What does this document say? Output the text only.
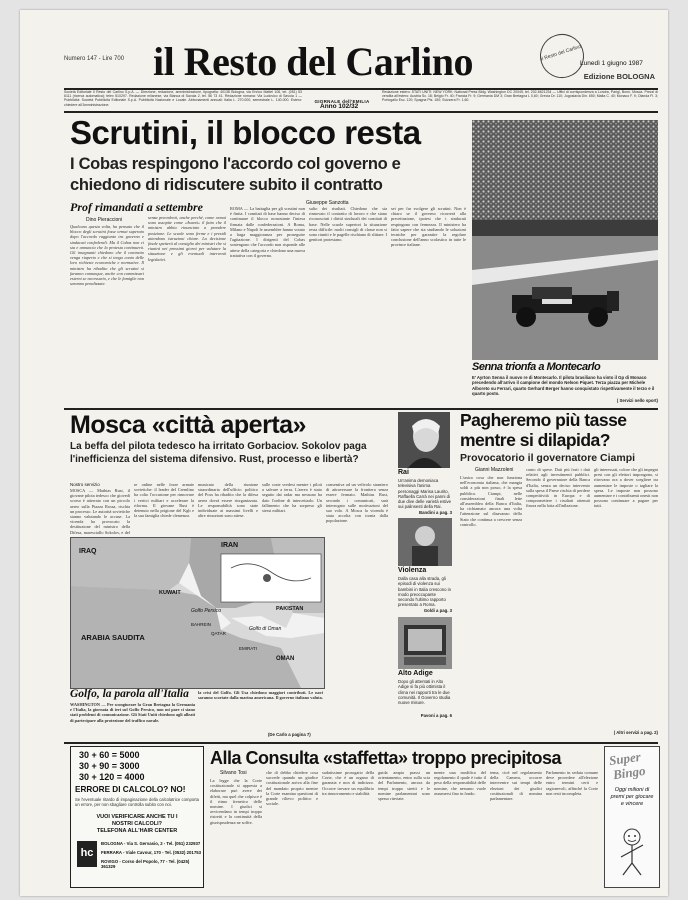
Numero 147 - Lire 700 il Resto del Carlino	il Resto del Carlino
Lunedì 1 giugno 1987
Edizione BOLOGNA
Società Editoriale Il Resto del Carlino S.p.A. — Direzione, redazione, amministrazione, tipografia: 40138 Bologna, via Enrico Mattei 106, tel. (051) 53 6111 (ricerca automatica); telex 510297. Redazione milanese, via Bianca di Savoia 2, tel. 56 73 41. Redazione romana: Via Ludovico di Savoia 1 — Pubblicità: Società Pubblicità Editoriale S.p.A. Pubblicità Nazionale e Locale. Abbonamenti annuali: Italia L. 270.000, semestrale L. 140.000. Estero: chiedere all'Amministrazione.
GIORNALE dell'EMILIA
Anno 102/32
Redazione estero: STATI UNITI: NEW YORK: National Press Bldg. Washington DC 20045, tel. 202-6621234 — Uffici di corrispondenza a Londra, Parigi, Bonn, Mosca. Prezzi di vendita all'estero: Austria Sc. 18; Belgio Fr. 40; Francia Fr. 9; Germania DM 3; Gran Bretagna L 0,60; Grecia Dr. 110; Jugoslavia Din. 650; Malta C. 40; Monaco F. 9; Olanda Fl. 3; Portogallo Esc. 120; Spagna Pts. 150; Svizzera Fr. 1,60.
Scrutini, il blocco resta
I Cobas respingono l'accordo col governo e chiedono di ridiscutere subito il contratto
Prof rimandati a settembre
Dino Pieraccioni
Giuseppe Sanzotta
Qualcuno questa volta, ha pensato che il blocco degli scrutini fosse ormai superato dopo l'accordo raggiunto tra governo e sindacati confederali. Ma il Cobas non ci sta e annuncia che la protesta continuerà. Gli insegnanti chiedono che il contratto venga riaperto e che si tenga conto delle loro richieste economiche e normative. Il ministro ha ribadito che gli scrutini si faranno comunque, anche con commissari esterni se necessario, e che le famiglie non saranno penalizzate.
senza precedenti, anche perché, come ormai sono assopite come «Avanti» il fatto che il ministro abbia rinunciato a prendere posizione. Le scuole sono ferme e i presidi attendono istruzioni chiare. La decisione finale spetterà al consiglio dei ministri che si riunirà nei prossimi giorni per valutare la situazione e gli eventuali interventi legislativi.
ROMA — La battaglia per gli scrutini non è finita. I comitati di base hanno deciso di continuare il blocco nonostante l'intesa firmata dalle confederazioni. A Roma, Milano e Napoli le assemblee hanno votato a larga maggioranza per proseguire l'agitazione. I dirigenti del Cobas sostengono che l'accordo non risponde alle attese della categoria e chiedono una nuova trattativa con il governo.
sulto dei risultati. Chiedono che sia rinnovato il contratto di lavoro e che siano riconosciuti i diritti sindacali dei comitati di base. Nelle scuole superiori la situazione resta difficile: molti consigli di classe non si sono riuniti e le pagelle rischiano di slittare. I genitori protestano.
sei per far svolgere gli scrutini. Non è chiaro se il governo ricorrerà alla precettazione, ipotesi che i sindacati respingono con fermezza. Il ministero ha fatto sapere che sta studiando le soluzioni tecniche per garantire la regolare conclusione dell'anno scolastico in tutte le province italiane.
Senna trionfa a Montecarlo
E' Ayrton Senna il nuovo re di Montecarlo. Il pilota brasiliano ha vinto il Gp di Monaco precedendo all'arrivo il campione del mondo Nelson Piquet. Terza piazza per Michele Alboreto su Ferrari, quarto Gerhard Berger hanno conquistato rispettivamente il terzo e il quarto posto.
( Servizi nello sport)
Mosca «città aperta»
La beffa del pilota tedesco ha irritato Gorbaciov. Sokolov paga l'inefficienza del sistema difensivo. Rust, processo e libertà?
Nostro servizio
MOSCA — Mathias Rust, il giovane pilota tedesco che giovedì scorso è atterrato con un piccolo aereo sulla Piazza Rossa, rischia un processo. Le autorità sovietiche stanno valutando le accuse. La vicenda ha provocato la destituzione del ministro della Difesa, maresciallo Sokolov, e del
re online nelle forze armate sovietiche: il leader del Cremlino ha colto l'occasione per rinnovare i vertici militari e accelerare la riforma. Il giovane Rust è detenuto nella prigione del Kgb e la sua famiglia chiede clemenza.
municato della riunione straordinaria dell'ufficio politico del Pcus ha ribadito che la difesa aerea dovrà essere riorganizzata. Le responsabilità sono state individuate ai massimi livelli e altre rimozioni sono attese.
sulle coste svedesi mentre i piloti a salvare a terra. L'aereo è stato seguito dai radar ma nessuno ha dato l'ordine di intercettarlo. Un fallimento che ha sorpreso gli stessi militari.
consentiva ad un velivolo straniero di attraversare la frontiera senza essere fermato. Mathias Rust, secondo i comunicati, sarà interrogato sulle motivazioni del suo volo. A Mosca la vicenda è stata accolta con ironia dalla popolazione.
IRAQ
IRAN
KUWAIT
ARABIA SAUDITA
BAHREIN
QATAR
EMIRATI
OMAN
PAKISTAN
Golfo Persico
Golfo di Oman
Golfo, la parola all'Italia
WASHINGTON — Per scongiurare la Gran Bretagna la Germania e l'Italia, la giornata di ieri sul Golfo Persico, non mi pare ci siano stati problemi di comunicazione. Gli Stati Uniti chiedono agli alleati di partecipare alla protezione del traffico navale.
la crisi del Golfo. Gli Usa chiedono maggiori contributi. Le navi saranno scortate dalla marina americana. Il governo italiano valuta.
(De Carlo a pagina 7)
Rai
Un'anima demoniaca televisiva l'anima personaggi Marisa Laurito, Raffaella Carrà nei panni di due dive delle varietà estive sui palinsesti della Rai.
Bandini a pag. 3
Violenza
Dalla casa alla strada, gli episodi di violenza sui bambini in Italia crescono in modo preoccupante secondo l'ultimo rapporto presentato a Roma.
Goldi a pag. 3
Alto Adige
Dopo gli attentati in Alto Adige si fa più ottimista il clima nei rapporti tra le due comunità. Il Governo studia nuove misure.
Pavoni a pag. 6
Pagheremo più tasse mentre si dilapida?
Provocatorio il governatore Ciampi
Gianni Mazzoleni
L'unica cosa che non funziona nell'economia italiana, che mangia soldi a più non posso, è la spesa pubblica. Ciampi, nelle considerazioni finali lette all'assemblea della Banca d'Italia, ha richiamato ancora una volta l'attenzione sul disavanzo dello Stato che continua a crescere senza controllo.
conto di spese. Dati più forti i dati relativi agli investimenti pubblici. Secondo il governatore della Banca d'Italia, senza un deciso intervento sulla spesa il Paese rischia di perdere competitività in Europa e di compromettere i risultati ottenuti finora nella lotta all'inflazione.
gli interessati, colore che gli impegni presi con gli elettori impongono, si ritrovano ora a dover scegliere tra aumentare le imposte o tagliare la spesa. Le imposte non possono aumentare e i contribuenti onesti non possono continuare a pagare per tutti.
( Altri servizi a pag. 2)
30 + 60 = 5000
30 + 90 = 3000
30 + 120 = 4000
ERRORE DI CALCOLO? NO!
Se l'eventuale ritardo di impaginazione della calcolatrice comporta un errore, per non sbagliare controlla subito con noi.
VUOI VERIFICARE ANCHE TU I
NOSTRI CALCOLI?
TELEFONA ALL'HAIR CENTER
hc
BOLOGNA - Via S. Gervasio, 2 - Tel. (051) 232937
FERRARA - Viale Cavour, 170 - Tel. (0532) 201753
ROVIGO - Corso del Popolo, 77 - Tel. (0425) 361329
Alla Consulta «staffetta» troppo precipitosa
Silvano Tosi
La legge che la Corte costituzionale si appresta a elaborare può avere dei difetti, ma quel che colpisce è il ritmo frenetico delle nomine. I giudici si avvicendano in tempi troppo ristretti e la continuità della giurisprudenza ne soffre.
che di debba chiedere cosa succede quando un giudice costituzionale arriva alla fine del mandato proprio mentre la Corte esamina questioni di grande rilievo politico e sociale.
sudatissime prorogatio della Corte, che è un organo di garanzia e non di indirizzo. Occorre trovare un equilibrio tra rinnovamento e stabilità.
guida ampia prassi un orientamento, entro sulla scia del Parlamento, ancora da tempi troppo stretti e le nomine parlamentari sono spesso rinviate.
mente una modifica del regolamento il quale è tutto il peso della responsabilità delle nomine, che nessuno vuole assumersi fino in fondo.
tema, cioè nel regolamento della Camera, occorre intervenire sui tempi delle elezioni dei giudici costituzionali di nomina parlamentare.
Parlamento in seduta comune deve procedere all'elezione entro termini certi e ragionevoli, affinché la Corte non resti incompleta.
Super
Bingo
Oggi milioni di premi per giocare e vincere
